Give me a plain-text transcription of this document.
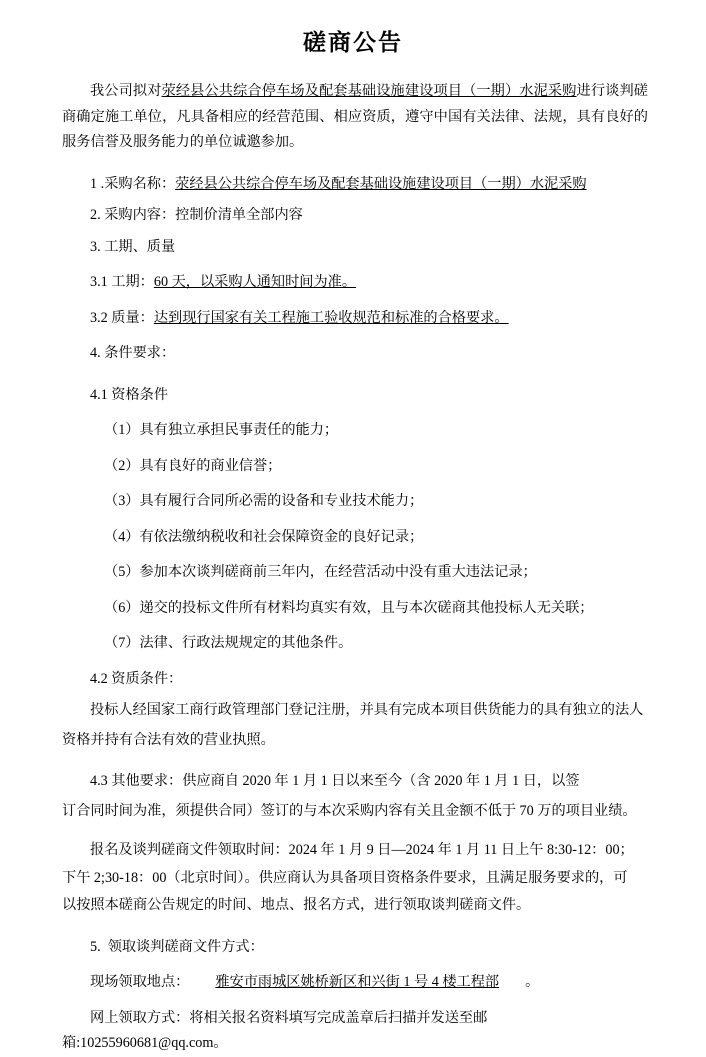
磋商公告

我公司拟对荥经县公共综合停车场及配套基础设施建设项目（一期）水泥采购进行谈判磋商确定施工单位，凡具备相应的经营范围、相应资质，遵守中国有关法律、法规，具有良好的服务信誉及服务能力的单位诚邀参加。

1 .采购名称：荥经县公共综合停车场及配套基础设施建设项目（一期）水泥采购

2. 采购内容：控制价清单全部内容

3. 工期、质量

3.1 工期：60 天，以采购人通知时间为准。

3.2 质量：达到现行国家有关工程施工验收规范和标准的合格要求。

4. 条件要求：

4.1 资格条件

（1）具有独立承担民事责任的能力；

（2）具有良好的商业信誉；

（3）具有履行合同所必需的设备和专业技术能力；

（4）有依法缴纳税收和社会保障资金的良好记录；

（5）参加本次谈判磋商前三年内，在经营活动中没有重大违法记录；

（6）递交的投标文件所有材料均真实有效，且与本次磋商其他投标人无关联；

（7）法律、行政法规规定的其他条件。

4.2 资质条件：

投标人经国家工商行政管理部门登记注册，并具有完成本项目供货能力的具有独立的法人

资格并持有合法有效的营业执照。

4.3 其他要求：供应商自 2020 年 1 月 1 日以来至今（含 2020 年 1 月 1 日，以签

订合同时间为准，须提供合同）签订的与本次采购内容有关且金额不低于 70 万的项目业绩。

报名及谈判磋商文件领取时间：2024 年 1 月 9 日—2024 年 1 月 11 日上午 8:30-12：00；

下午 2;30-18：00（北京时间）。供应商认为具备项目资格条件要求，且满足服务要求的，可

以按照本磋商公告规定的时间、地点、报名方式，进行领取谈判磋商文件。

5. 领取谈判磋商文件方式：

现场领取地点： 雅安市雨城区姚桥新区和兴街 1 号 4 楼工程部 。

网上领取方式：将相关报名资料填写完成盖章后扫描并发送至邮箱:10255960681@qq.com。
